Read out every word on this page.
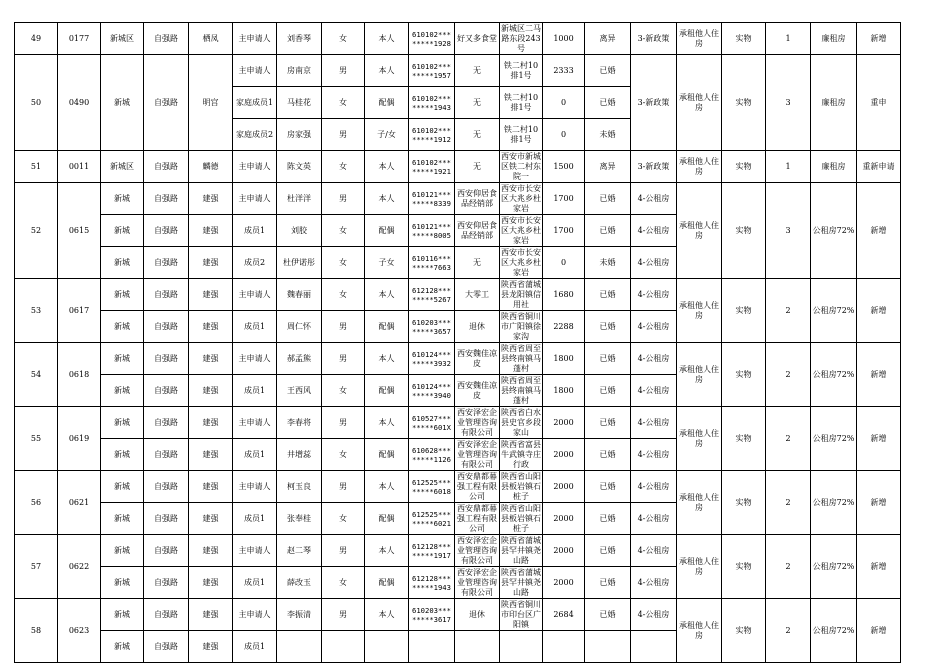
49	0177	新城区	自强路	栖凤	主申请人	刘香琴	女	本人	610102********1928	好又多食堂	新城区二马路东段243号	1000	离异	3-新政策	承租他人住房	实物	1	廉租房	新增
50	0490	新城	自强路	明宫	主申请人	房南京	男	本人	610102********1957	无	铁二村10排1号	2333	已婚	3-新政策	承租他人住房	实物	3	廉租房	重申
					家庭成员1	马桂花	女	配偶	610102********1943	无	铁二村10排1号	0	已婚						
					家庭成员2	房家强	男	子/女	610102********1912	无	铁二村10排1号	0	未婚						
51	0011	新城区	自强路	麟德	主申请人	陈文英	女	本人	610102********1921	无	西安市新城区铁二村东院一	1500	离异	3-新政策	承租他人住房	实物	1	廉租房	重新申请
52	0615	新城	自强路	建强	主申请人	杜洋洋	男	本人	610121********8339	西安仰居食品经销部	西安市长安区大兆乡杜家岩	1700	已婚	4-公租房	承租他人住房	实物	3	公租房72%	新增
		新城	自强路	建强	成员1	刘胶	女	配偶	610121********8005	西安仰居食品经销部	西安市长安区大兆乡杜家岩	1700	已婚	4-公租房					
		新城	自强路	建强	成员2	杜伊诺彤	女	子女	610116********7663	无	西安市长安区大兆乡杜家岩	0	未婚	4-公租房					
53	0617	新城	自强路	建强	主申请人	魏春丽	女	本人	612128********5267	大零工	陕西省蒲城县龙阳镇信用社	1680	已婚	4-公租房	承租他人住房	实物	2	公租房72%	新增
		新城	自强路	建强	成员1	周仁怀	男	配偶	610203********3657	退休	陕西省铜川市广阳镇徐家沟	2288	已婚	4-公租房					
54	0618	新城	自强路	建强	主申请人	郝孟熊	男	本人	610124********3932	西安魏佳凉皮	陕西省周至县终南镇马蓬村	1800	已婚	4-公租房	承租他人住房	实物	2	公租房72%	新增
		新城	自强路	建强	成员1	王西风	女	配偶	610124********3940	西安魏佳凉皮	陕西省周至县终南镇马蓬村	1800	已婚	4-公租房					
55	0619	新城	自强路	建强	主申请人	李春将	男	本人	610527********601X	西安泽宏企业管理咨询有限公司	陕西省白水县史官乡段家山	2000	已婚	4-公租房	承租他人住房	实物	2	公租房72%	新增
		新城	自强路	建强	成员1	井增蕊	女	配偶	610628********1126	西安泽宏企业管理咨询有限公司	陕西省富县牛武镇寺庄行政	2000	已婚	4-公租房					
56	0621	新城	自强路	建强	主申请人	柯玉良	男	本人	612525********6018	西安鼎都幕强工程有限公司	陕西省山阳县板岩镇石桩子	2000	已婚	4-公租房	承租他人住房	实物	2	公租房72%	新增
		新城	自强路	建强	成员1	张奉桂	女	配偶	612525********6021	西安鼎都幕强工程有限公司	陕西省山阳县板岩镇石桩子	2000	已婚	4-公租房					
57	0622	新城	自强路	建强	主申请人	赵二琴	男	本人	612128********1917	西安泽宏企业管理咨询有限公司	陕西省蒲城县罕井镇尧山路	2000	已婚	4-公租房	承租他人住房	实物	2	公租房72%	新增
		新城	自强路	建强	成员1	薛改玉	女	配偶	612128********1943	西安泽宏企业管理咨询有限公司	陕西省蒲城县罕井镇尧山路	2000	已婚	4-公租房					
58	0623	新城	自强路	建强	主申请人	李振清	男	本人	610203********3617	退休	陕西省铜川市印台区广阳镇	2684	已婚	4-公租房	承租他人住房	实物	2	公租房72%	新增
		新城	自强路	建强	成员1														
